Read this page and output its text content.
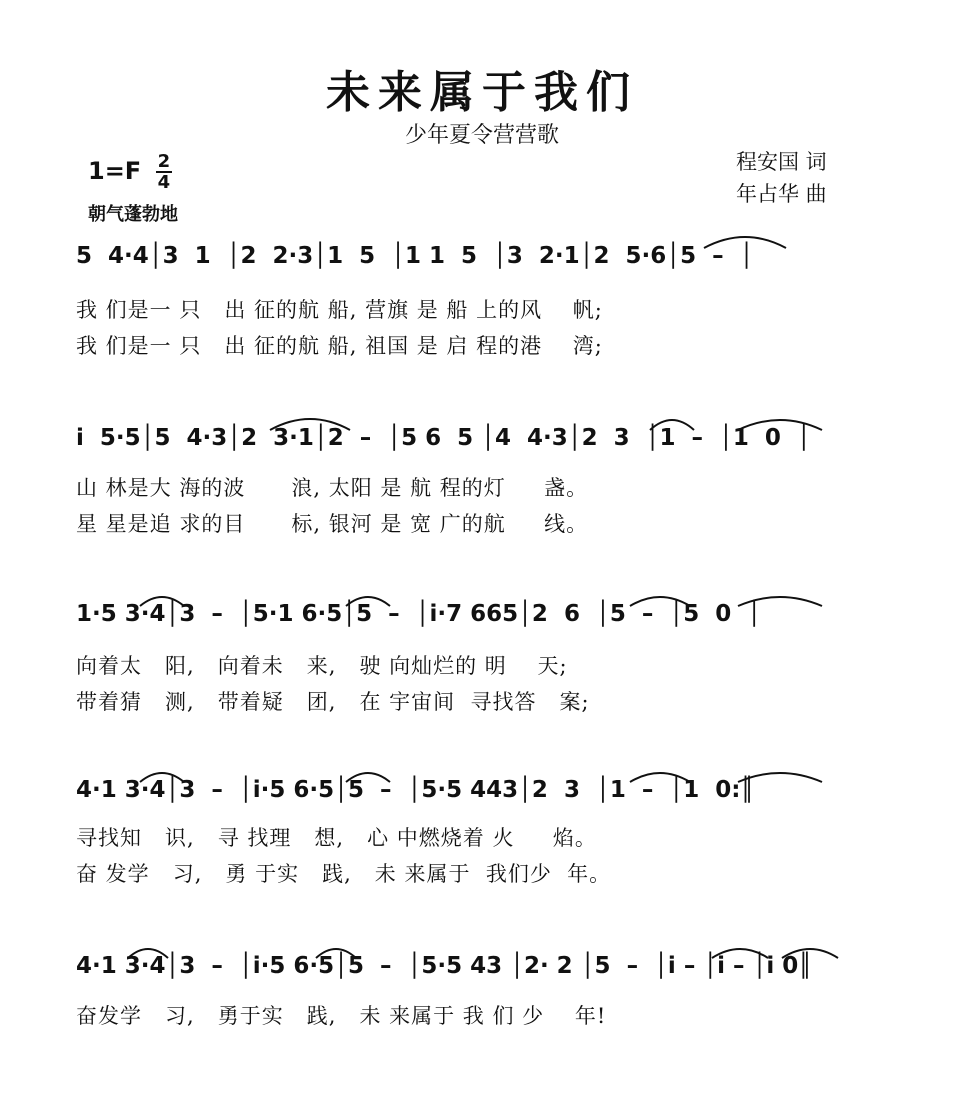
未来属于我们
少年夏令营营歌
程安国 词
年占华 曲
$1=F \frac{2}{4}$
朝气蓬勃地
5  4·4│3  1  │2  2·3│1  5  │1 1  5  │3  2·1│2  5·6│5  –  │
我 们是一 只   出 征的航 船, 营旗 是 船 上的风    帆;
我 们是一 只   出 征的航 船, 祖国 是 启 程的港    湾;
i  5·5│5  4·3│2  3·1│2  –  │5 6  5 │4  4·3│2  3  │1  –  │1  0  │
山 林是大 海的波      浪, 太阳 是 航 程的灯     盏。
星 星是追 求的目      标, 银河 是 宽 广的航     线。
1·5 3·4│3  –  │5·1 6·5│5  –  │i·7 665│2  6  │5  –  │5  0  │
向着太   阳,   向着未   来,   驶 向灿烂的 明    天;
带着猜   测,   带着疑   团,   在 宇宙间  寻找答   案;
4·1 3·4│3  –  │i·5 6·5│5  –  │5·5 443│2  3  │1  –  │1  0:║
寻找知   识,   寻 找理   想,   心 中燃烧着 火     焰。
奋 发学   习,   勇 于实   践,   未 来属于  我们少  年。
4·1 3·4│3  –  │i·5 6·5│5  –  │5·5 43 │2· 2 │5  –  │i – │i – │i 0║
奋发学   习,   勇于实   践,   未 来属于 我 们 少    年!
